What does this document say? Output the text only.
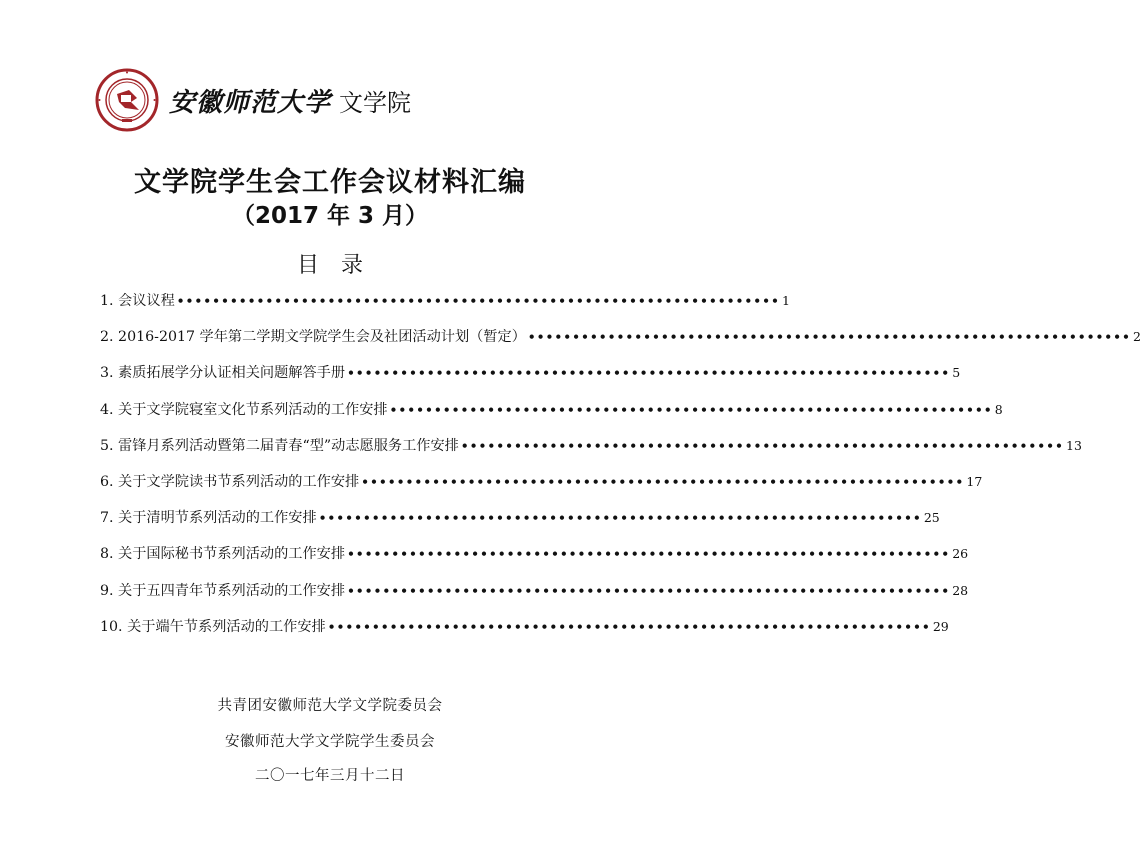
安徽师范大学 文学院
文学院学生会工作会议材料汇编
（2017 年 3 月）
目录
1. 会议议程 •••••••••••••••••••••••••••••••••••••••••••••••••••••••••••••••••••• 1
2. 2016-2017 学年第二学期文学院学生会及社团活动计划（暂定） •••••••••••••••••••••••••••••••••••••••••••••••••••••••••••••••••••• 2
3. 素质拓展学分认证相关问题解答手册 •••••••••••••••••••••••••••••••••••••••••••••••••••••••••••••••••••• 5
4. 关于文学院寝室文化节系列活动的工作安排 •••••••••••••••••••••••••••••••••••••••••••••••••••••••••••••••••••• 8
5. 雷锋月系列活动暨第二届青春“型”动志愿服务工作安排 •••••••••••••••••••••••••••••••••••••••••••••••••••••••••••••••••••• 13
6. 关于文学院读书节系列活动的工作安排 •••••••••••••••••••••••••••••••••••••••••••••••••••••••••••••••••••• 17
7. 关于清明节系列活动的工作安排 •••••••••••••••••••••••••••••••••••••••••••••••••••••••••••••••••••• 25
8. 关于国际秘书节系列活动的工作安排 •••••••••••••••••••••••••••••••••••••••••••••••••••••••••••••••••••• 26
9. 关于五四青年节系列活动的工作安排 •••••••••••••••••••••••••••••••••••••••••••••••••••••••••••••••••••• 28
10. 关于端午节系列活动的工作安排 •••••••••••••••••••••••••••••••••••••••••••••••••••••••••••••••••••• 29
共青团安徽师范大学文学院委员会
安徽师范大学文学院学生委员会
二〇一七年三月十二日
